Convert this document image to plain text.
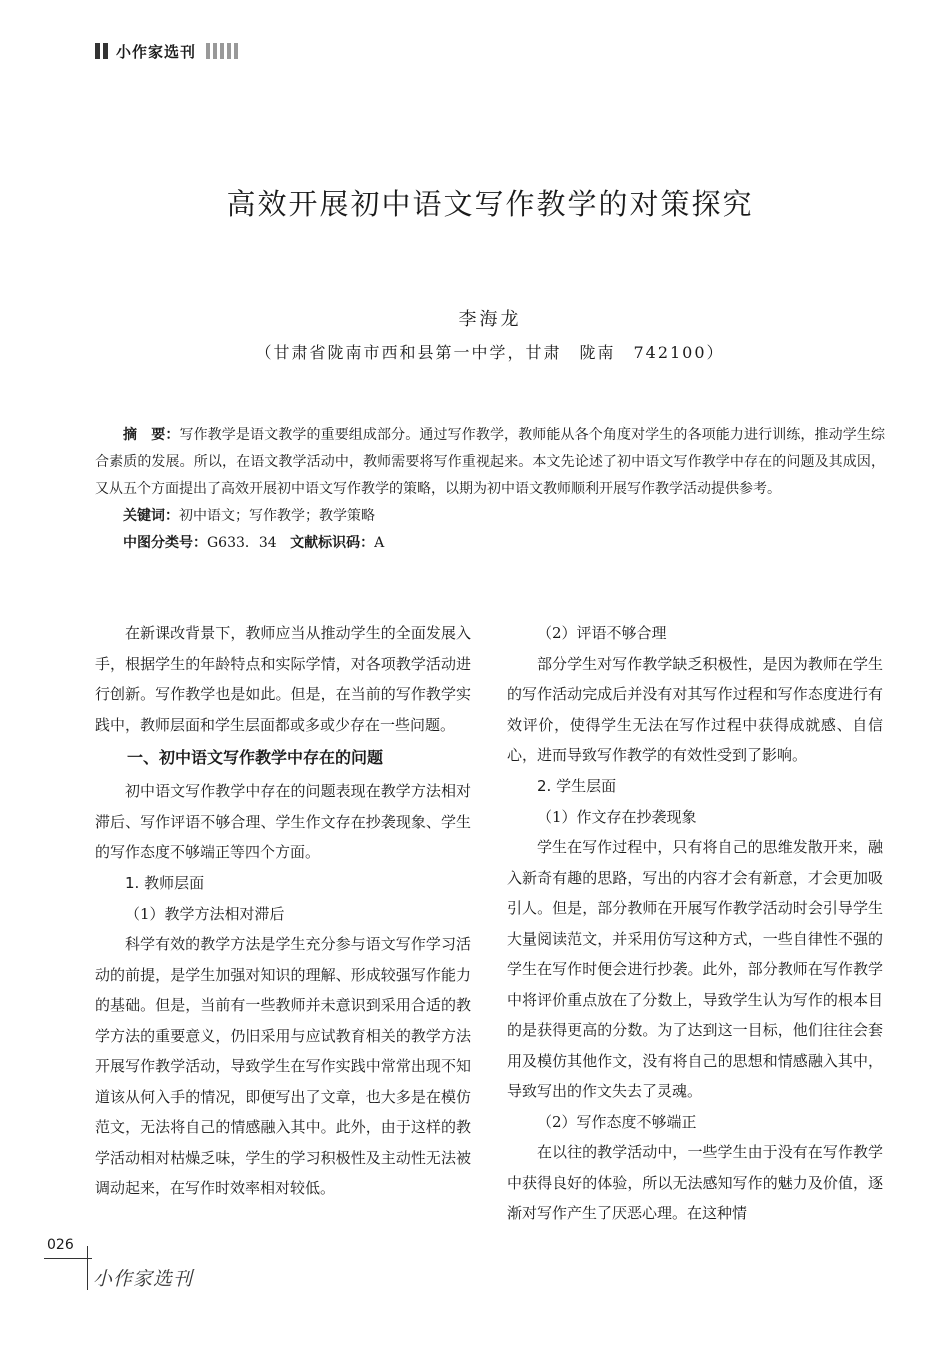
小作家选刊
高效开展初中语文写作教学的对策探究
李海龙
（甘肃省陇南市西和县第一中学，甘肃　陇南　742100）

摘　要：写作教学是语文教学的重要组成部分。通过写作教学，教师能从各个角度对学生的各项能力进行训练，推动学生综合素质的发展。所以，在语文教学活动中，教师需要将写作重视起来。本文先论述了初中语文写作教学中存在的问题及其成因，又从五个方面提出了高效开展初中语文写作教学的策略，以期为初中语文教师顺利开展写作教学活动提供参考。

关键词：初中语文；写作教学；教学策略

中图分类号：G633．34 文献标识码：A

在新课改背景下，教师应当从推动学生的全面发展入手，根据学生的年龄特点和实际学情，对各项教学活动进行创新。写作教学也是如此。但是，在当前的写作教学实践中，教师层面和学生层面都或多或少存在一些问题。

一、初中语文写作教学中存在的问题

初中语文写作教学中存在的问题表现在教学方法相对滞后、写作评语不够合理、学生作文存在抄袭现象、学生的写作态度不够端正等四个方面。

1. 教师层面

（1）教学方法相对滞后

科学有效的教学方法是学生充分参与语文写作学习活动的前提，是学生加强对知识的理解、形成较强写作能力的基础。但是，当前有一些教师并未意识到采用合适的教学方法的重要意义，仍旧采用与应试教育相关的教学方法开展写作教学活动，导致学生在写作实践中常常出现不知道该从何入手的情况，即便写出了文章，也大多是在模仿范文，无法将自己的情感融入其中。此外，由于这样的教学活动相对枯燥乏味，学生的学习积极性及主动性无法被调动起来，在写作时效率相对较低。

（2）评语不够合理

部分学生对写作教学缺乏积极性，是因为教师在学生的写作活动完成后并没有对其写作过程和写作态度进行有效评价，使得学生无法在写作过程中获得成就感、自信心，进而导致写作教学的有效性受到了影响。

2. 学生层面

（1）作文存在抄袭现象

学生在写作过程中，只有将自己的思维发散开来，融入新奇有趣的思路，写出的内容才会有新意，才会更加吸引人。但是，部分教师在开展写作教学活动时会引导学生大量阅读范文，并采用仿写这种方式，一些自律性不强的学生在写作时便会进行抄袭。此外，部分教师在写作教学中将评价重点放在了分数上，导致学生认为写作的根本目的是获得更高的分数。为了达到这一目标，他们往往会套用及模仿其他作文，没有将自己的思想和情感融入其中，导致写出的作文失去了灵魂。

（2）写作态度不够端正

在以往的教学活动中，一些学生由于没有在写作教学中获得良好的体验，所以无法感知写作的魅力及价值，逐渐对写作产生了厌恶心理。在这种情

026
小作家选刊
